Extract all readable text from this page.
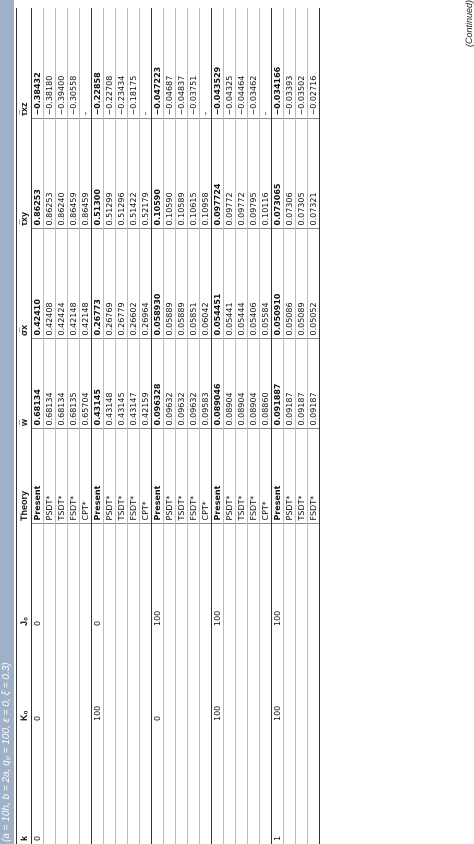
(a = 10h, b = 2a, q₀ = 100, ε = 0, ξ = 0.3) k	K₀	J₀	Theory	w̅	σ̅x	τ̅xy	τ̅xz
0	0	0	Present	0.68134	0.42410	0.86253	−0.38432
			PSDT*	0.68134	0.42408	0.86253	−0.38180
			TSDT*	0.68134	0.42424	0.86240	−0.39400
			FSDT*	0.68135	0.42148	0.86459	−0.30558
			CPT*	0.65704	0.42148	0.86459	–
	100	0	Present	0.43145	0.26773	0.51300	−0.22858
			PSDT*	0.43148	0.26769	0.51299	−0.22708
			TSDT*	0.43145	0.26779	0.51296	−0.23434
			FSDT*	0.43147	0.26602	0.51422	−0.18175
			CPT*	0.42159	0.26964	0.52179	–
	0	100	Present	0.096328	0.058930	0.10590	−0.047223
			PSDT*	0.09632	0.05889	0.10590	−0.04687
			TSDT*	0.09632	0.05889	0.10589	−0.04837
			FSDT*	0.09632	0.05851	0.10615	−0.03751
			CPT*	0.09583	0.06042	0.10958	–
	100	100	Present	0.089046	0.054451	0.097724	−0.043529
			PSDT*	0.08904	0.05441	0.09772	−0.04325
			TSDT*	0.08904	0.05444	0.09772	−0.04464
			FSDT*	0.08904	0.05406	0.09795	−0.03462
			CPT*	0.08860	0.05584	0.10116	–
1	100	100	Present	0.091887	0.050910	0.073065	−0.034166
			PSDT*	0.09187	0.05086	0.07306	−0.03393
			TSDT*	0.09187	0.05089	0.07305	−0.03502
			FSDT*	0.09187	0.05052	0.07321	−0.02716
(Continued)
